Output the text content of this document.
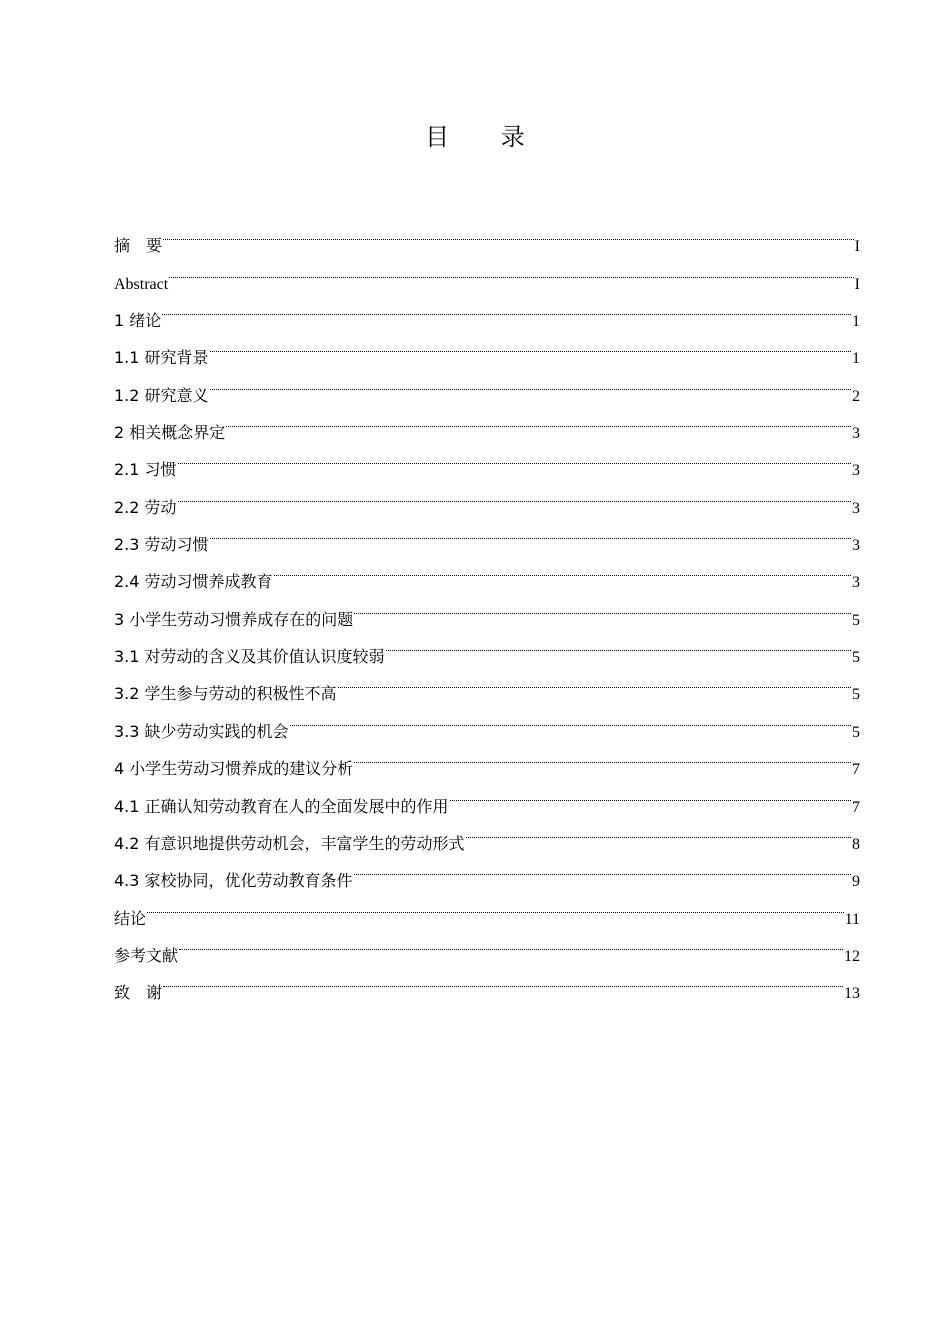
目 录
摘　要	I
Abstract	I
1 绪论	1
1.1 研究背景	1
1.2 研究意义	2
2 相关概念界定	3
2.1 习惯	3
2.2 劳动	3
2.3 劳动习惯	3
2.4 劳动习惯养成教育	3
3 小学生劳动习惯养成存在的问题	5
3.1 对劳动的含义及其价值认识度较弱	5
3.2 学生参与劳动的积极性不高	5
3.3 缺少劳动实践的机会	5
4 小学生劳动习惯养成的建议分析	7
4.1 正确认知劳动教育在人的全面发展中的作用	7
4.2 有意识地提供劳动机会，丰富学生的劳动形式	8
4.3 家校协同，优化劳动教育条件	9
结论	11
参考文献	12
致　谢	13
